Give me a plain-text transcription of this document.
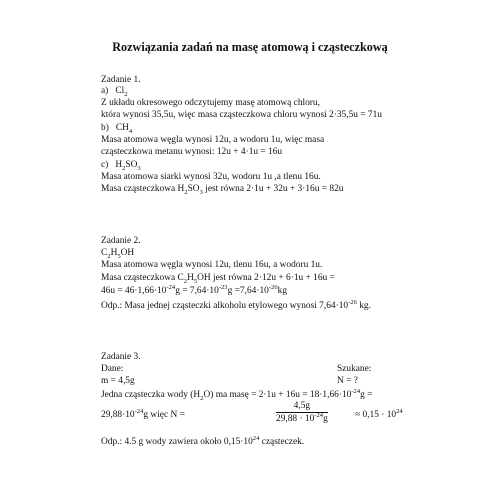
Rozwiązania zadań na masę atomową i cząsteczkową
Zadanie 1.
a) $Cl_2$
Z układu okresowego odczytujemy masę atomową chloru,
która wynosi 35,5u, więc masa cząsteczkowa chloru wynosi 2·35,5u = 71u
b) $CH_4$
Masa atomowa węgla wynosi 12u, a wodoru 1u, więc masa
cząsteczkowa metanu wynosi: 12u + 4·1u = 16u
c) $H_2SO_3$
Masa atomowa siarki wynosi 32u, wodoru 1u ,a tlenu 16u.
Masa cząsteczkowa $H_2SO_3$ jest równa 2·1u + 32u + 3·16u = 82u
Zadanie 2.
$C_2H_5OH$
Masa atomowa węgla wynosi 12u, tlenu 16u, a wodoru 1u.
Masa cząsteczkowa $C_2H_5OH$ jest równa 2·12u + 6·1u + 16u =
$46u = 46\cdot 1,66\cdot 10^{-24}g = 7,64\cdot 10^{-23}g =7,64\cdot 10^{-26}kg$
Odp.: Masa jednej cząsteczki alkoholu etylowego wynosi $7,64\cdot 10^{-26}$ kg.
Zadanie 3.
Dane:	Szukane:
m = 4,5g	N = ?
Jedna cząsteczka wody $(H_2O)$ ma masę = $2\cdot 1u + 16u = 18\cdot 1,66\cdot 10^{-24}g$ =
$29,88\cdot 10^{-24}g$ więc N =	$\frac{4,5g}{29,88 \cdot 10^{-24}g}$	≈ $0,15 \cdot 10^{24}$
Odp.: 4.5 g wody zawiera około $0,15\cdot 10^{24}$ cząsteczek.
